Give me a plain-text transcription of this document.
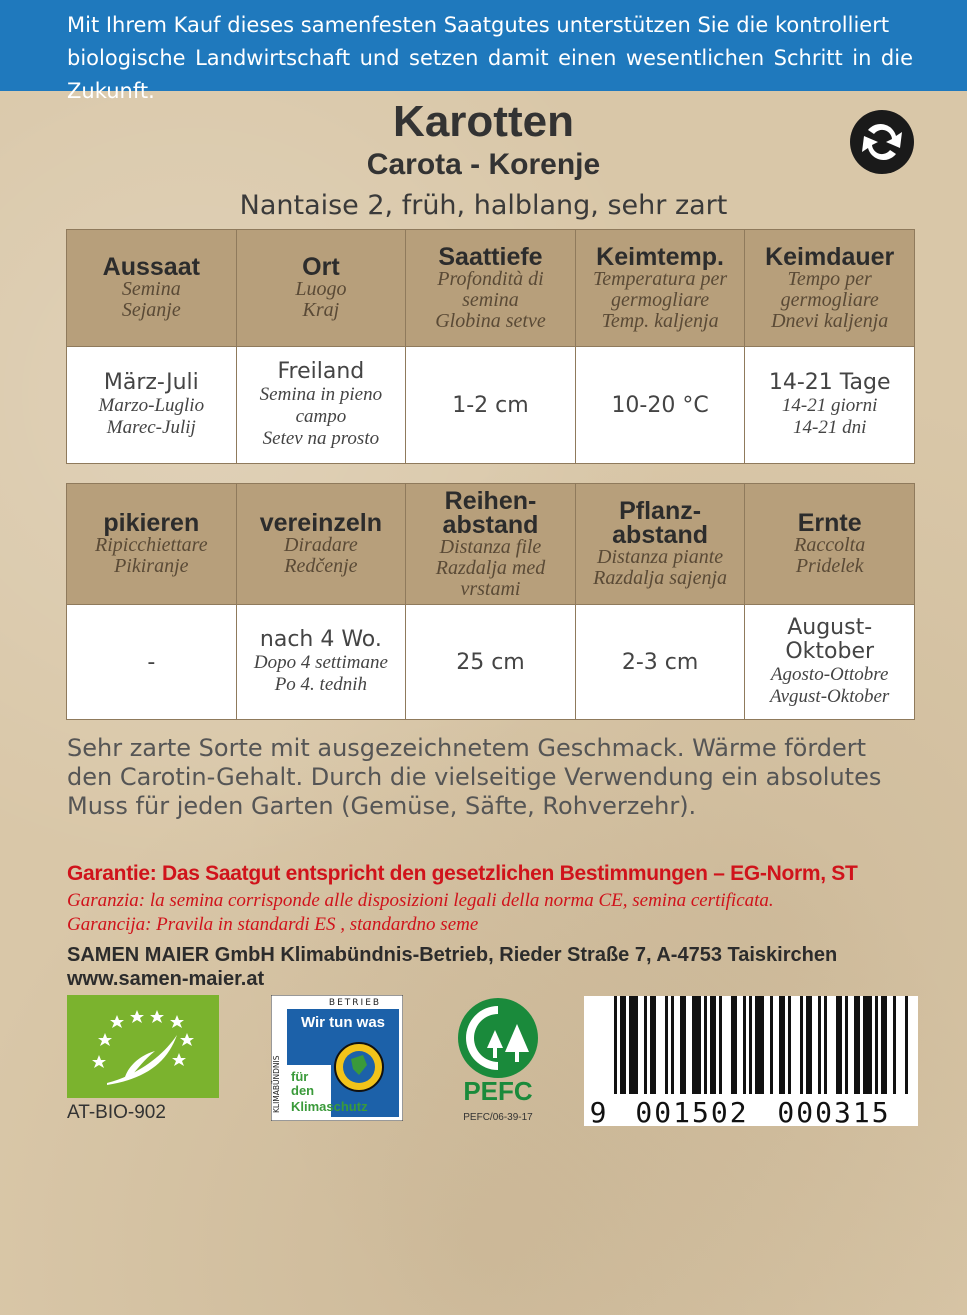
Mit Ihrem Kauf dieses samenfesten Saatgutes unterstützen Sie die kontrolliert
biologische Landwirtschaft und setzen damit einen wesentlichen Schritt in die Zukunft.
Karotten
Carota - Korenje
Nantaise 2, früh, halblang, sehr zart
Aussaat
Semina
Sejanje	Ort
Luogo
Kraj	Saattiefe
Profondità di semina
Globina setve	Keimtemp.
Temperatura per germogliare
Temp. kaljenja	Keimdauer
Tempo per germogliare
Dnevi kaljenja

März-Juli
Marzo-Luglio
Marec-Julij	Freiland
Semina in pieno campo
Setev na prosto	1-2 cm	10-20 °C	14-21 Tage
14-21 giorni
14-21 dni
pikieren
Ripicchiettare
Pikiranje	vereinzeln
Diradare
Redčenje	Reihen-abstand
Distanza file
Razdalja med vrstami	Pflanz-abstand
Distanza piante
Razdalja sajenja	Ernte
Raccolta
Pridelek

-	nach 4 Wo.
Dopo 4 settimane
Po 4. tednih	25 cm	2-3 cm	August-Oktober
Agosto-Ottobre
Avgust-Oktober
Sehr zarte Sorte mit ausgezeichnetem Geschmack. Wärme fördert
den Carotin-Gehalt. Durch die vielseitige Verwendung ein absolutes
Muss für jeden Garten (Gemüse, Säfte, Rohverzehr).
Garantie: Das Saatgut entspricht den gesetzlichen Bestimmungen – EG-Norm, ST
Garanzia: la semina corrisponde alle disposizioni legali della norma CE, semina certificata.
Garancija: Pravila in standardi ES , standardno seme
SAMEN MAIER GmbH Klimabündnis-Betrieb, Rieder Straße 7, A-4753 Taiskirchen
www.samen-maier.at
AT-BIO-902
BETRIEB
KLIMABÜNDNIS
Wir tun was
für
den
Klimaschutz
PEFC
PEFC/06-39-17 9 001502 000315
